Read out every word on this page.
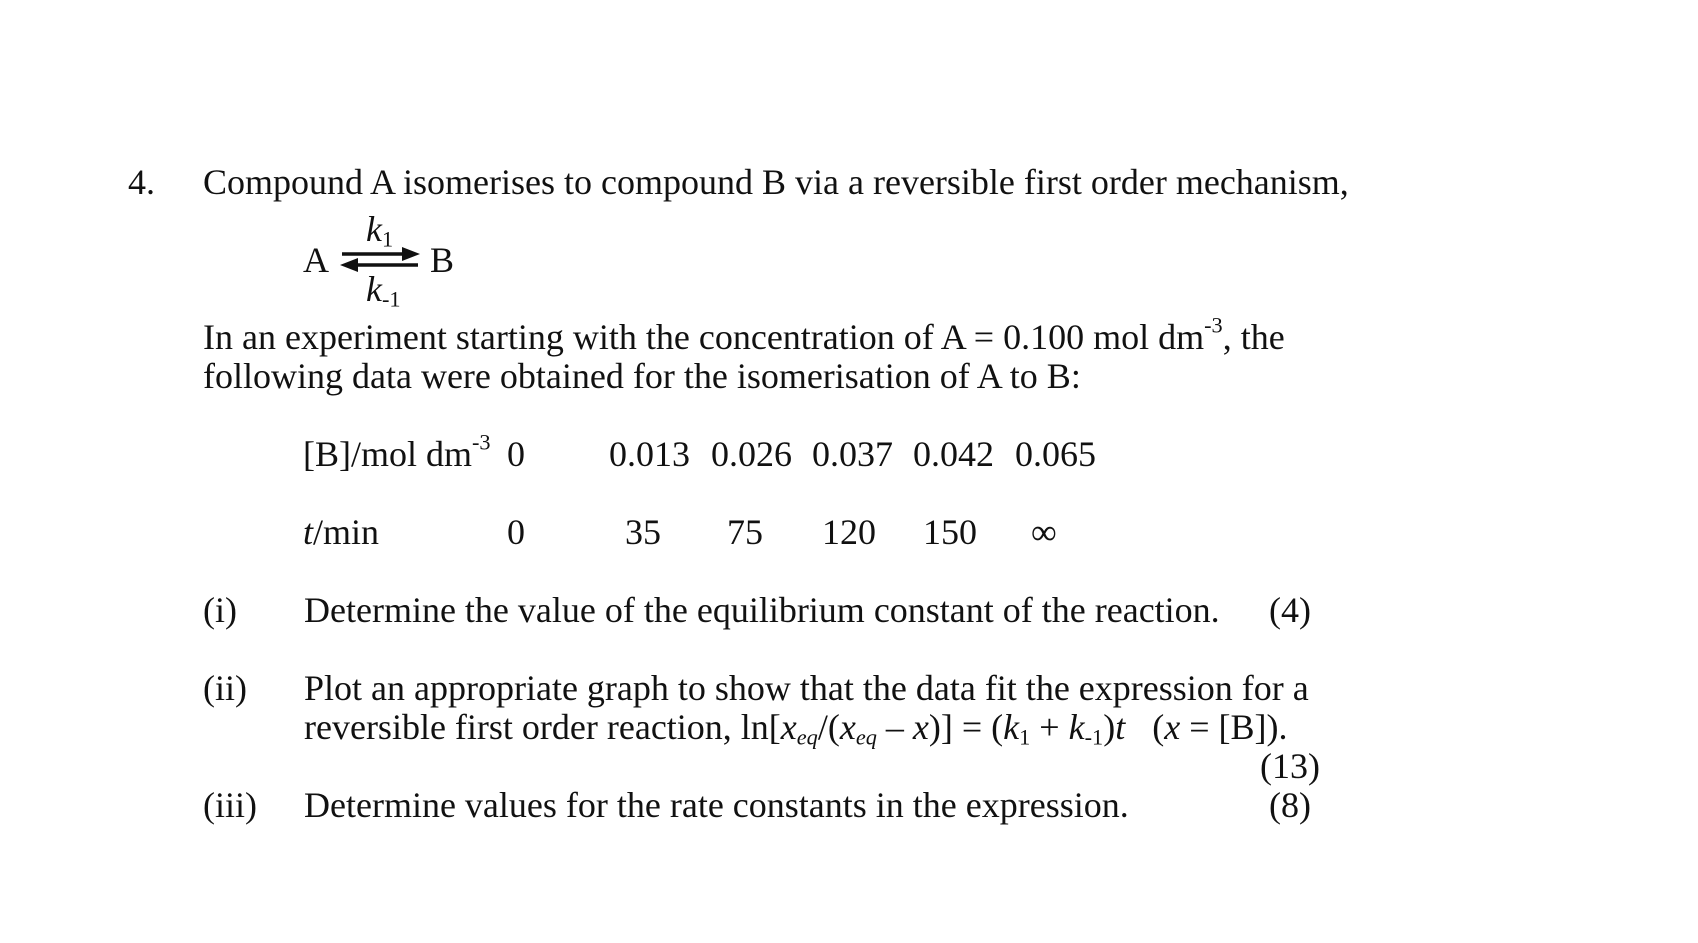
4. Compound A isomerises to compound B via a reversible first order mechanism,
$k_1$
A ⇌ B
$k_{-1}$
In an experiment starting with the concentration of A = 0.100 mol $dm^{-3}$, the
following data were obtained for the isomerisation of A to B:
[B]/mol $dm^{-3}$ 0 0.013 0.026 0.037 0.042 0.065
t/min	0	35 75 120 150 ∞
(i) Determine the value of the equilibrium constant of the reaction. (4)
(ii) Plot an appropriate graph to show that the data fit the expression for a
reversible first order reaction, $\ln[x_{eq}/(x_{eq} - x)] = (k_1 + k_{-1})t$   (x = [B]).
(13)
(iii) Determine values for the rate constants in the expression.	(8)
